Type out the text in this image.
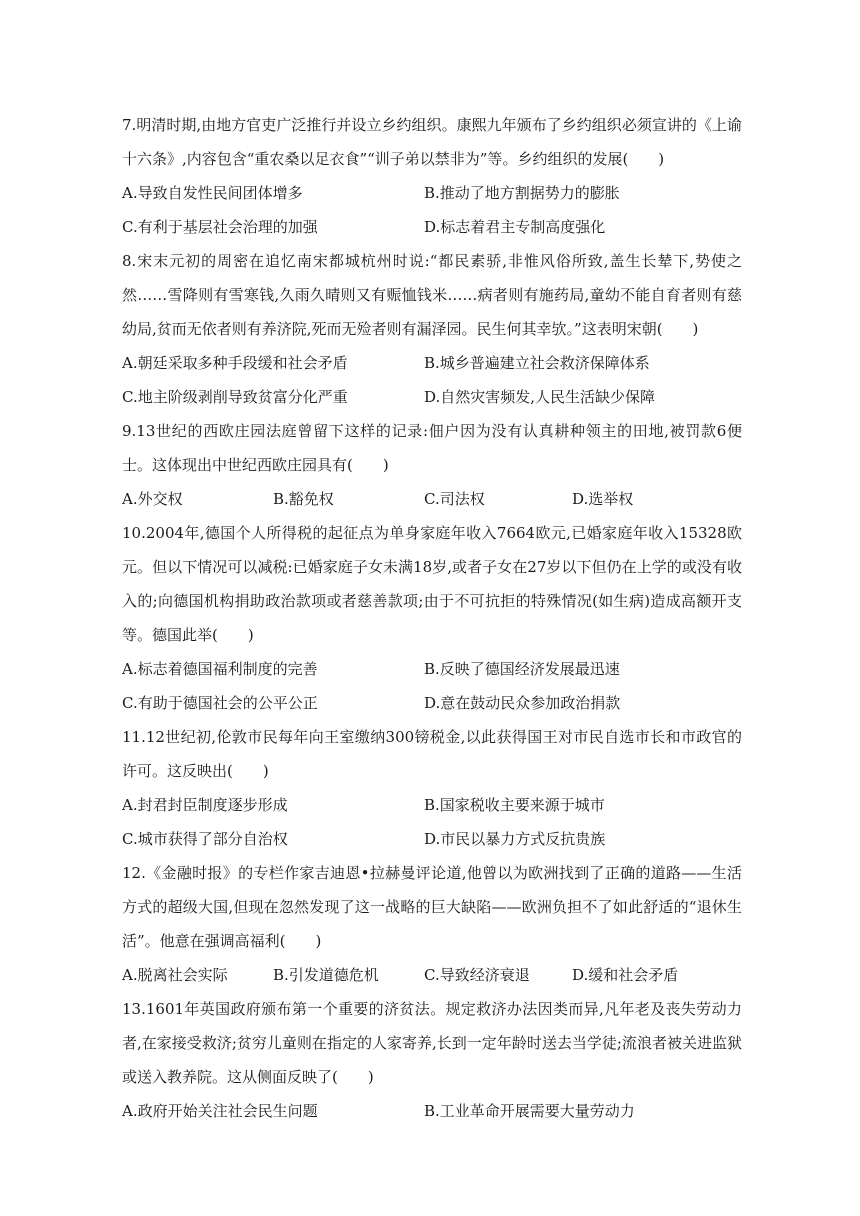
7.明清时期,由地方官吏广泛推行并设立乡约组织。康熙九年颁布了乡约组织必须宣讲的《上谕十六条》,内容包含“重农桑以足衣食”“训子弟以禁非为”等。乡约组织的发展(　　)

A.导致自发性民间团体增多	B.推动了地方割据势力的膨胀
C.有利于基层社会治理的加强	D.标志着君主专制高度强化

8.宋末元初的周密在追忆南宋都城杭州时说:“都民素骄,非惟风俗所致,盖生长辇下,势使之然……雪降则有雪寒钱,久雨久晴则又有赈恤钱米……病者则有施药局,童幼不能自育者则有慈幼局,贫而无依者则有养济院,死而无殓者则有漏泽园。民生何其幸欤。”这表明宋朝(　　)

A.朝廷采取多种手段缓和社会矛盾	B.城乡普遍建立社会救济保障体系
C.地主阶级剥削导致贫富分化严重	D.自然灾害频发,人民生活缺少保障

9.13世纪的西欧庄园法庭曾留下这样的记录:佃户因为没有认真耕种领主的田地,被罚款6便士。这体现出中世纪西欧庄园具有(　　)

A.外交权	B.豁免权	C.司法权	D.选举权

10.2004年,德国个人所得税的起征点为单身家庭年收入7664欧元,已婚家庭年收入15328欧元。但以下情况可以减税:已婚家庭子女未满18岁,或者子女在27岁以下但仍在上学的或没有收入的;向德国机构捐助政治款项或者慈善款项;由于不可抗拒的特殊情况(如生病)造成高额开支等。德国此举(　　)

A.标志着德国福利制度的完善	B.反映了德国经济发展最迅速
C.有助于德国社会的公平公正	D.意在鼓动民众参加政治捐款

11.12世纪初,伦敦市民每年向王室缴纳300镑税金,以此获得国王对市民自选市长和市政官的许可。这反映出(　　)

A.封君封臣制度逐步形成	B.国家税收主要来源于城市
C.城市获得了部分自治权	D.市民以暴力方式反抗贵族

12.《金融时报》的专栏作家吉迪恩•拉赫曼评论道,他曾以为欧洲找到了正确的道路——生活方式的超级大国,但现在忽然发现了这一战略的巨大缺陷——欧洲负担不了如此舒适的“退休生活”。他意在强调高福利(　　)

A.脱离社会实际	B.引发道德危机	C.导致经济衰退	D.缓和社会矛盾

13.1601年英国政府颁布第一个重要的济贫法。规定救济办法因类而异,凡年老及丧失劳动力者,在家接受救济;贫穷儿童则在指定的人家寄养,长到一定年龄时送去当学徒;流浪者被关进监狱或送入教养院。这从侧面反映了(　　)

A.政府开始关注社会民生问题	B.工业革命开展需要大量劳动力
